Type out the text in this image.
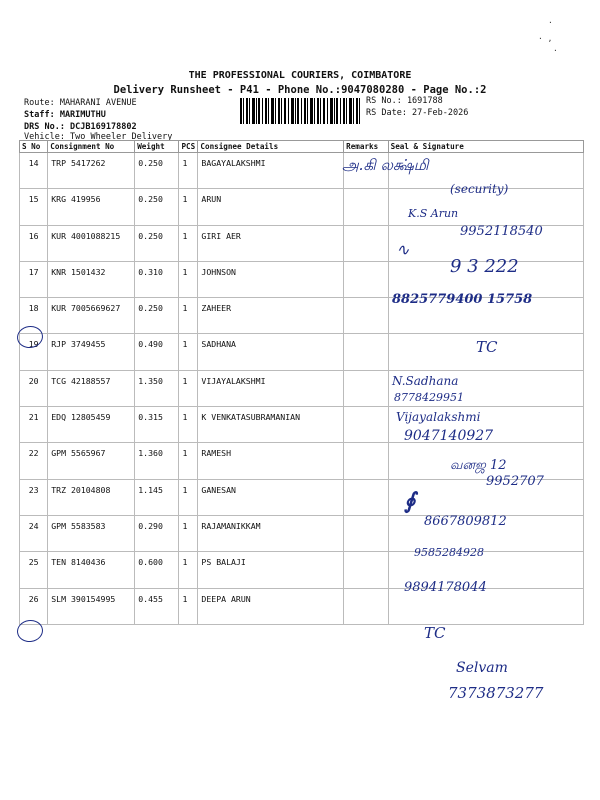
·
· ,
·
THE PROFESSIONAL COURIERS, COIMBATORE
Delivery Runsheet - P41 - Phone No.:9047080280 - Page No.:2
Route: MAHARANI AVENUE
Staff: MARIMUTHU
DRS No.: DCJB169178802
Vehicle: Two Wheeler Delivery
RS No.: 1691788
RS Date: 27-Feb-2026
S No	Consignment No	Weight	PCS	Consignee Details	Remarks	Seal & Signature
14	TRP 5417262	0.250	1	BAGAYALAKSHMI		
15	KRG 419956	0.250	1	ARUN		
16	KUR 4001088215	0.250	1	GIRI AER		
17	KNR 1501432	0.310	1	JOHNSON		
18	KUR 7005669627	0.250	1	ZAHEER		
19	RJP 3749455	0.490	1	SADHANA		
20	TCG 42188557	1.350	1	VIJAYALAKSHMI		
21	EDQ 12805459	0.315	1	K VENKATASUBRAMANIAN		
22	GPM 5565967	1.360	1	RAMESH		
23	TRZ 20104808	1.145	1	GANESAN		
24	GPM 5583583	0.290	1	RAJAMANIKKAM		
25	TEN 8140436	0.600	1	PS BALAJI		
26	SLM 390154995	0.455	1	DEEPA ARUN		
அ.கி லக்ஷ்மி
(security)
K.S Arun
9952118540
∿
9 3 222
8825779400 15758
TC
N.Sadhana
8778429951
Vijayalakshmi
9047140927
வனஜ 12
9952707
∮
8667809812
9585284928
9894178044
TC
Selvam
7373873277
